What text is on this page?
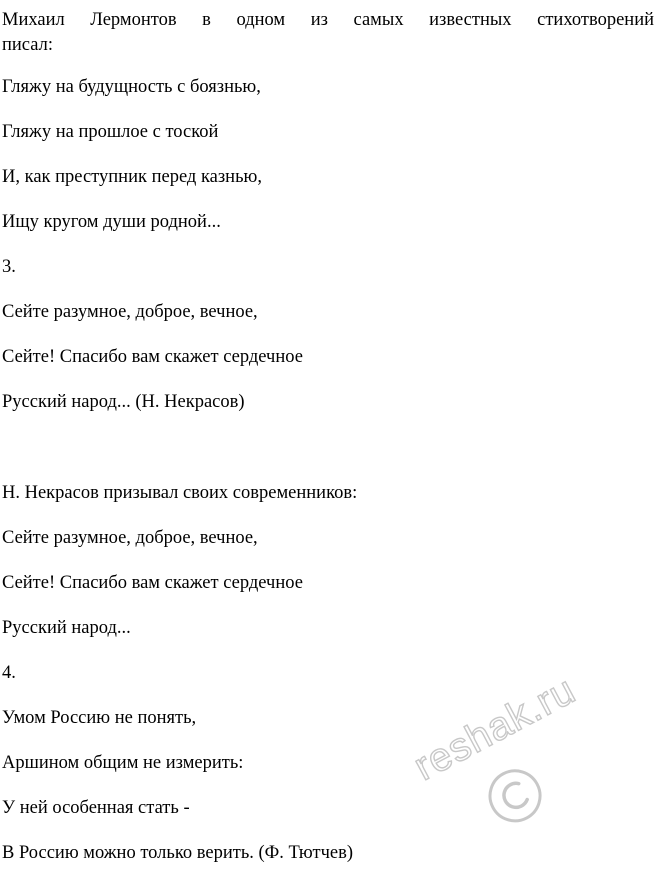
Михаил Лермонтов в одном из самых известных стихотворений
писал:
Гляжу на будущность с боязнью,
Гляжу на прошлое с тоской
И, как преступник перед казнью,
Ищу кругом души родной...
3.
Сейте разумное, доброе, вечное,
Сейте! Спасибо вам скажет сердечное
Русский народ... (Н. Некрасов)
Н. Некрасов призывал своих современников:
Сейте разумное, доброе, вечное,
Сейте! Спасибо вам скажет сердечное
Русский народ...
4.
Умом Россию не понять,
Аршином общим не измерить:
У ней особенная стать -
В Россию можно только верить. (Ф. Тютчев)
reshak.ru
